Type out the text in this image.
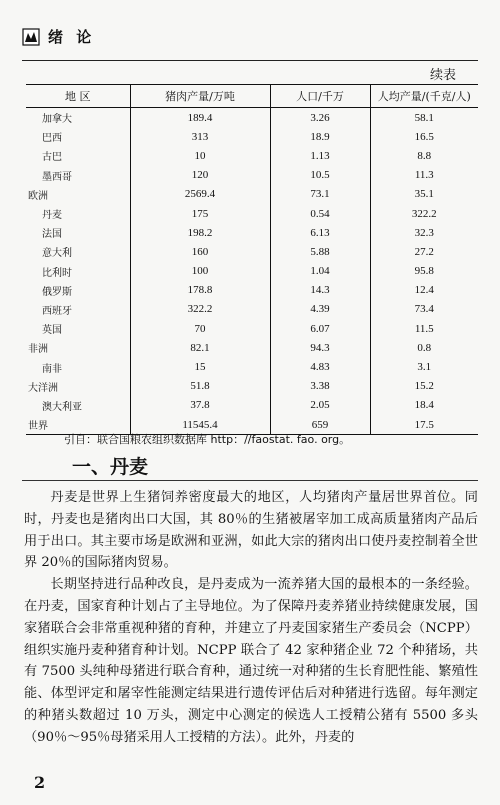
绪 论
续表
地 区	猪肉产量/万吨	人口/千万	人均产量/(千克/人)
加拿大	189.4	3.26	58.1
巴西	313	18.9	16.5
古巴	10	1.13	8.8
墨西哥	120	10.5	11.3
欧洲	2569.4	73.1	35.1
丹麦	175	0.54	322.2
法国	198.2	6.13	32.3
意大利	160	5.88	27.2
比利时	100	1.04	95.8
俄罗斯	178.8	14.3	12.4
西班牙	322.2	4.39	73.4
英国	70	6.07	11.5
非洲	82.1	94.3	0.8
南非	15	4.83	3.1
大洋洲	51.8	3.38	15.2
澳大利亚	37.8	2.05	18.4
世界	11545.4	659	17.5
引自：联合国粮农组织数据库 http：//faostat. fao. org。
一、丹麦

丹麦是世界上生猪饲养密度最大的地区，人均猪肉产量居世界首位。同时，丹麦也是猪肉出口大国，其 80％的生猪被屠宰加工成高质量猪肉产品后用于出口。其主要市场是欧洲和亚洲，如此大宗的猪肉出口使丹麦控制着全世界 20％的国际猪肉贸易。

长期坚持进行品种改良，是丹麦成为一流养猪大国的最根本的一条经验。在丹麦，国家育种计划占了主导地位。为了保障丹麦养猪业持续健康发展，国家猪联合会非常重视种猪的育种，并建立了丹麦国家猪生产委员会（NCPP）组织实施丹麦种猪育种计划。NCPP 联合了 42 家种猪企业 72 个种猪场，共有 7500 头纯种母猪进行联合育种，通过统一对种猪的生长育肥性能、繁殖性能、体型评定和屠宰性能测定结果进行遗传评估后对种猪进行选留。每年测定的种猪头数超过 10 万头，测定中心测定的候选人工授精公猪有 5500 多头（90％～95％母猪采用人工授精的方法）。此外，丹麦的

2
